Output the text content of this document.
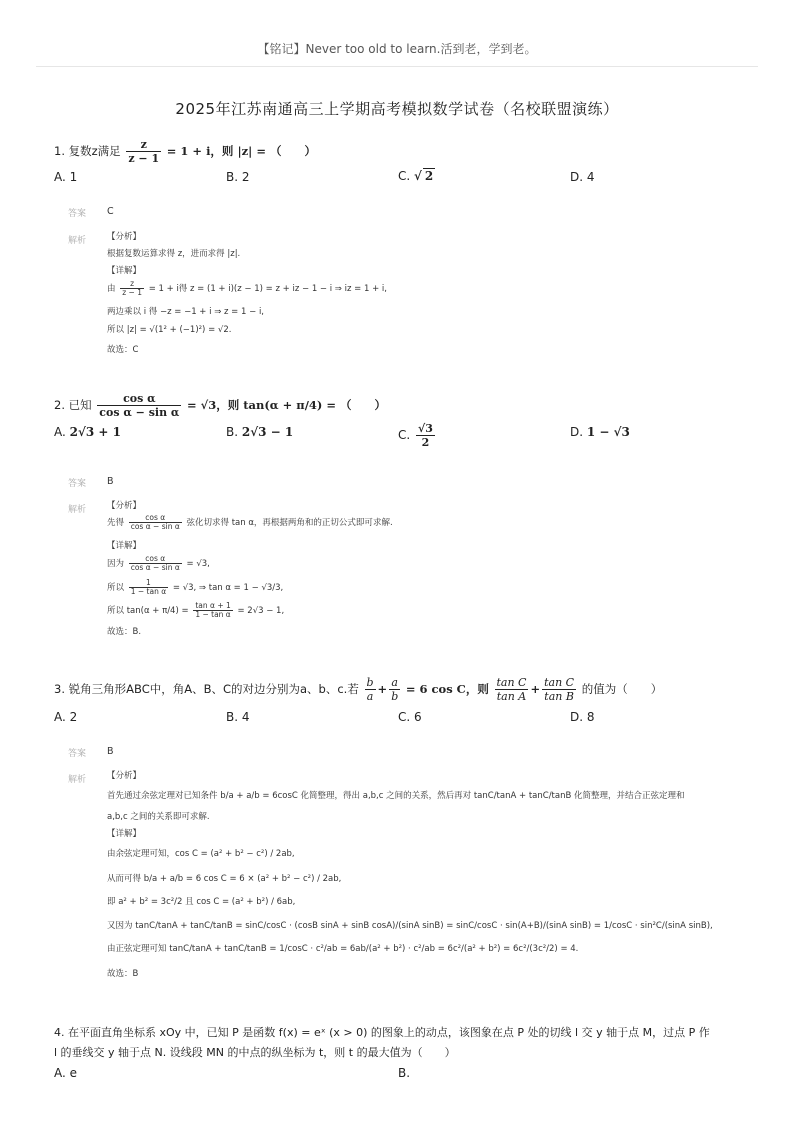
【铭记】Never too old to learn.活到老，学到老。
2025年江苏南通高三上学期高考模拟数学试卷（名校联盟演练）
1. 复数z满足 $\frac{z}{z - 1} = 1 + i$，则 |z| = （　　）
A. 1	B. 2	C. √ 2	D. 4
答案 C
解析 【分析】
根据复数运算求得 z，进而求得 |z|.
【详解】
由 $\frac{z}{z - 1} = 1 + i$得 z = (1 + i)(z − 1) = z + iz − 1 − i ⇒ iz = 1 + i,
两边乘以 i 得 −z = −1 + i ⇒ z = 1 − i,
所以 |z| = √(1² + (−1)²) = √2.
故选：C
2. 已知 $\frac{\text{cos α}}{\text{cos α − sin α}} = √3$，则 tan(α + π/4) = （　　）
A. 2√3 + 1	B. 2√3 − 1	C. $\frac{√3}{2}$	D. 1 − √3
答案 B
解析 【分析】
先得 $\frac{\text{cos α}}{\text{cos α − sin α}}$ 弦化切求得 tan α，再根据两角和的正切公式即可求解.
【详解】
因为 $\frac{\text{cos α}}{\text{cos α − sin α}} = √3$,
所以 $\frac{1}{\text{1 − tan α}} = √3$, ⇒ tan α = 1 − √3/3,
所以 $\tan(\alpha + \pi/4) = \frac{\text{tan α + 1}}{\text{1 − tan α}} = 2√3 - 1$,
故选：B.
3. 锐角三角形ABC中，角A、B、C的对边分别为a、b、c.若 $\frac{b}{a} + \frac{a}{b} = 6$ cos C，则 $\frac{\text{tan C}}{\text{tan A}} + \frac{\text{tan C}}{\text{tan B}}$ 的值为（　　）
A. 2	B. 4	C. 6	D. 8
答案 B
解析 【分析】
首先通过余弦定理对已知条件 b/a + a/b = 6cosC 化简整理，得出 a,b,c 之间的关系，然后再对 tanC/tanA + tanC/tanB 化简整理，并结合正弦定理和
a,b,c 之间的关系即可求解.
【详解】
由余弦定理可知，cos C = (a² + b² − c²) / 2ab,
从而可得 b/a + a/b = 6 cos C = 6 × (a² + b² − c²) / 2ab,
即 a² + b² = 3c²/2 且 cos C = (a² + b²) / 6ab,
又因为 tanC/tanA + tanC/tanB = sinC/cosC · (cosB sinA + sinB cosA)/(sinA sinB) = sinC/cosC · sin(A+B)/(sinA sinB) = 1/cosC · sin²C/(sinA sinB),
由正弦定理可知 tanC/tanA + tanC/tanB = 1/cosC · c²/ab = 6ab/(a² + b²) · c²/ab = 6c²/(a² + b²) = 6c²/(3c²/2) = 4.
故选：B
4. 在平面直角坐标系 xOy 中，已知 P 是函数 f(x) = eˣ (x > 0) 的图象上的动点，该图象在点 P 处的切线 l 交 y 轴于点 M，过点 P 作
l 的垂线交 y 轴于点 N. 设线段 MN 的中点的纵坐标为 t，则 t 的最大值为（　　）
A. e	B.
